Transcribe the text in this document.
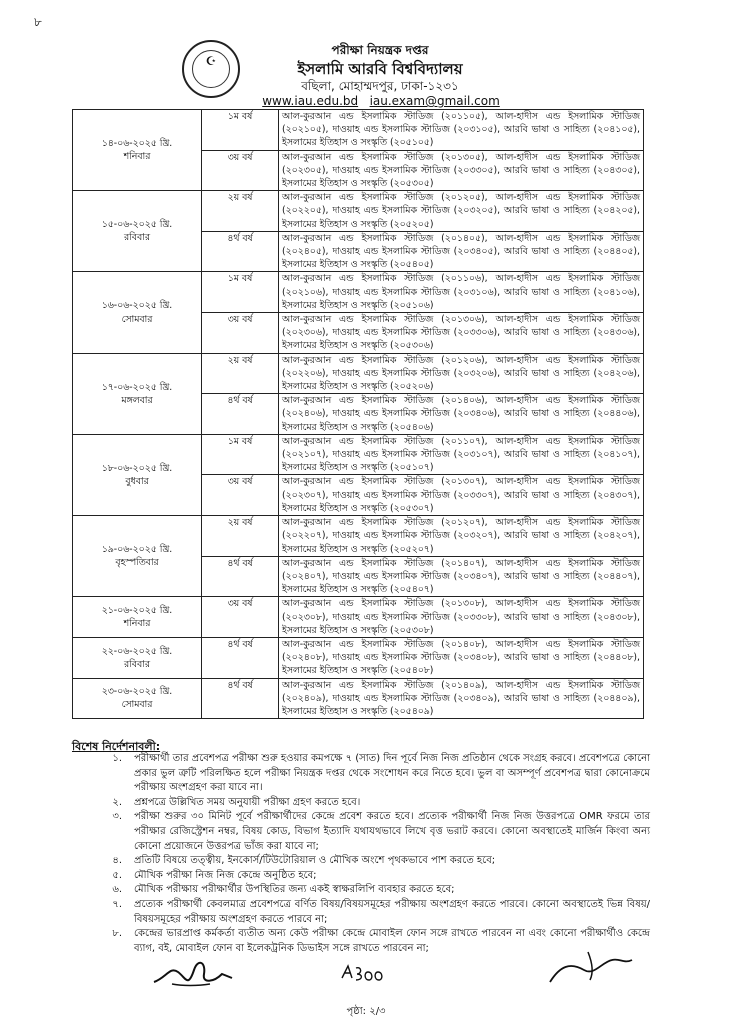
৮
☪
পরীক্ষা নিয়ন্ত্রক দপ্তর
ইসলামি আরবি বিশ্ববিদ্যালয়
বছিলা, মোহাম্মদপুর, ঢাকা-১২৩১
www.iau.edu.bd iau.exam@gmail.com
১৪-০৬-২০২৫ খ্রি.
শনিবার	১ম বর্ষ	আল-কুরআন এন্ড ইসলামিক স্টাডিজ (২০১১০৫), আল-হাদীস এন্ড ইসলামিক স্টাডিজ (২০২১০৫), দাওয়াহ এন্ড ইসলামিক স্টাডিজ (২০৩১০৫), আরবি ভাষা ও সাহিত্য (২০৪১০৫), ইসলামের ইতিহাস ও সংস্কৃতি (২০৫১০৫)
	৩য় বর্ষ	আল-কুরআন এন্ড ইসলামিক স্টাডিজ (২০১৩০৫), আল-হাদীস এন্ড ইসলামিক স্টাডিজ (২০২৩০৫), দাওয়াহ এন্ড ইসলামিক স্টাডিজ (২০৩৩০৫), আরবি ভাষা ও সাহিত্য (২০৪৩০৫), ইসলামের ইতিহাস ও সংস্কৃতি (২০৫৩০৫)

১৫-০৬-২০২৫ খ্রি.
রবিবার	২য় বর্ষ	আল-কুরআন এন্ড ইসলামিক স্টাডিজ (২০১২০৫), আল-হাদীস এন্ড ইসলামিক স্টাডিজ (২০২২০৫), দাওয়াহ এন্ড ইসলামিক স্টাডিজ (২০৩২০৫), আরবি ভাষা ও সাহিত্য (২০৪২০৫), ইসলামের ইতিহাস ও সংস্কৃতি (২০৫২০৫)
	৪র্থ বর্ষ	আল-কুরআন এন্ড ইসলামিক স্টাডিজ (২০১৪০৫), আল-হাদীস এন্ড ইসলামিক স্টাডিজ (২০২৪০৫), দাওয়াহ এন্ড ইসলামিক স্টাডিজ (২০৩৪০৫), আরবি ভাষা ও সাহিত্য (২০৪৪০৫), ইসলামের ইতিহাস ও সংস্কৃতি (২০৫৪০৫)

১৬-০৬-২০২৫ খ্রি.
সোমবার	১ম বর্ষ	আল-কুরআন এন্ড ইসলামিক স্টাডিজ (২০১১০৬), আল-হাদীস এন্ড ইসলামিক স্টাডিজ (২০২১০৬), দাওয়াহ এন্ড ইসলামিক স্টাডিজ (২০৩১০৬), আরবি ভাষা ও সাহিত্য (২০৪১০৬), ইসলামের ইতিহাস ও সংস্কৃতি (২০৫১০৬)
	৩য় বর্ষ	আল-কুরআন এন্ড ইসলামিক স্টাডিজ (২০১৩০৬), আল-হাদীস এন্ড ইসলামিক স্টাডিজ (২০২৩০৬), দাওয়াহ এন্ড ইসলামিক স্টাডিজ (২০৩৩০৬), আরবি ভাষা ও সাহিত্য (২০৪৩০৬), ইসলামের ইতিহাস ও সংস্কৃতি (২০৫৩০৬)

১৭-০৬-২০২৫ খ্রি.
মঙ্গলবার	২য় বর্ষ	আল-কুরআন এন্ড ইসলামিক স্টাডিজ (২০১২০৬), আল-হাদীস এন্ড ইসলামিক স্টাডিজ (২০২২০৬), দাওয়াহ এন্ড ইসলামিক স্টাডিজ (২০৩২০৬), আরবি ভাষা ও সাহিত্য (২০৪২০৬), ইসলামের ইতিহাস ও সংস্কৃতি (২০৫২০৬)
	৪র্থ বর্ষ	আল-কুরআন এন্ড ইসলামিক স্টাডিজ (২০১৪০৬), আল-হাদীস এন্ড ইসলামিক স্টাডিজ (২০২৪০৬), দাওয়াহ এন্ড ইসলামিক স্টাডিজ (২০৩৪০৬), আরবি ভাষা ও সাহিত্য (২০৪৪০৬), ইসলামের ইতিহাস ও সংস্কৃতি (২০৫৪০৬)

১৮-০৬-২০২৫ খ্রি.
বুধবার	১ম বর্ষ	আল-কুরআন এন্ড ইসলামিক স্টাডিজ (২০১১০৭), আল-হাদীস এন্ড ইসলামিক স্টাডিজ (২০২১০৭), দাওয়াহ এন্ড ইসলামিক স্টাডিজ (২০৩১০৭), আরবি ভাষা ও সাহিত্য (২০৪১০৭), ইসলামের ইতিহাস ও সংস্কৃতি (২০৫১০৭)
	৩য় বর্ষ	আল-কুরআন এন্ড ইসলামিক স্টাডিজ (২০১৩০৭), আল-হাদীস এন্ড ইসলামিক স্টাডিজ (২০২৩০৭), দাওয়াহ এন্ড ইসলামিক স্টাডিজ (২০৩৩০৭), আরবি ভাষা ও সাহিত্য (২০৪৩০৭), ইসলামের ইতিহাস ও সংস্কৃতি (২০৫৩০৭)

১৯-০৬-২০২৫ খ্রি.
বৃহস্পতিবার	২য় বর্ষ	আল-কুরআন এন্ড ইসলামিক স্টাডিজ (২০১২০৭), আল-হাদীস এন্ড ইসলামিক স্টাডিজ (২০২২০৭), দাওয়াহ এন্ড ইসলামিক স্টাডিজ (২০৩২০৭), আরবি ভাষা ও সাহিত্য (২০৪২০৭), ইসলামের ইতিহাস ও সংস্কৃতি (২০৫২০৭)
	৪র্থ বর্ষ	আল-কুরআন এন্ড ইসলামিক স্টাডিজ (২০১৪০৭), আল-হাদীস এন্ড ইসলামিক স্টাডিজ (২০২৪০৭), দাওয়াহ এন্ড ইসলামিক স্টাডিজ (২০৩৪০৭), আরবি ভাষা ও সাহিত্য (২০৪৪০৭), ইসলামের ইতিহাস ও সংস্কৃতি (২০৫৪০৭)

২১-০৬-২০২৫ খ্রি.
শনিবার	৩য় বর্ষ	আল-কুরআন এন্ড ইসলামিক স্টাডিজ (২০১৩০৮), আল-হাদীস এন্ড ইসলামিক স্টাডিজ (২০২৩০৮), দাওয়াহ এন্ড ইসলামিক স্টাডিজ (২০৩৩০৮), আরবি ভাষা ও সাহিত্য (২০৪৩০৮), ইসলামের ইতিহাস ও সংস্কৃতি (২০৫৩০৮)

২২-০৬-২০২৫ খ্রি.
রবিবার	৪র্থ বর্ষ	আল-কুরআন এন্ড ইসলামিক স্টাডিজ (২০১৪০৮), আল-হাদীস এন্ড ইসলামিক স্টাডিজ (২০২৪০৮), দাওয়াহ এন্ড ইসলামিক স্টাডিজ (২০৩৪০৮), আরবি ভাষা ও সাহিত্য (২০৪৪০৮), ইসলামের ইতিহাস ও সংস্কৃতি (২০৫৪০৮)

২৩-০৬-২০২৫ খ্রি.
সোমবার	৪র্থ বর্ষ	আল-কুরআন এন্ড ইসলামিক স্টাডিজ (২০১৪০৯), আল-হাদীস এন্ড ইসলামিক স্টাডিজ (২০২৪০৯), দাওয়াহ এন্ড ইসলামিক স্টাডিজ (২০৩৪০৯), আরবি ভাষা ও সাহিত্য (২০৪৪০৯), ইসলামের ইতিহাস ও সংস্কৃতি (২০৫৪০৯)
বিশেষ নির্দেশনাবলী:
১.	পরীক্ষার্থী তার প্রবেশপত্র পরীক্ষা শুরু হওয়ার কমপক্ষে ৭ (সাত) দিন পূর্বে নিজ নিজ প্রতিষ্ঠান থেকে সংগ্রহ করবে। প্রবেশপত্রে কোনো প্রকার ভুল ত্রুটি পরিলক্ষিত হলে পরীক্ষা নিয়ন্ত্রক দপ্তর থেকে সংশোধন করে নিতে হবে। ভুল বা অসম্পূর্ণ প্রবেশপত্র দ্বারা কোনোক্রমে পরীক্ষায় অংশগ্রহণ করা যাবে না।
২.	প্রশ্নপত্রে উল্লিখিত সময় অনুযায়ী পরীক্ষা গ্রহণ করতে হবে।
৩.	পরীক্ষা শুরুর ৩০ মিনিট পূর্বে পরীক্ষার্থীদের কেন্দ্রে প্রবেশ করতে হবে। প্রত্যেক পরীক্ষার্থী নিজ নিজ উত্তরপত্রে OMR ফরমে তার পরীক্ষার রেজিস্ট্রেশন নম্বর, বিষয় কোড, বিভাগ ইত্যাদি যথাযথভাবে লিখে বৃত্ত ভরাট করবে। কোনো অবস্থাতেই মার্জিন কিংবা অন্য কোনো প্রয়োজনে উত্তরপত্র ভাঁজ করা যাবে না;
৪.	প্রতিটি বিষয়ে তত্ত্বীয়, ইনকোর্স/টিউটোরিয়াল ও মৌখিক অংশে পৃথকভাবে পাশ করতে হবে;
৫.	মৌখিক পরীক্ষা নিজ নিজ কেন্দ্রে অনুষ্ঠিত হবে;
৬.	মৌখিক পরীক্ষায় পরীক্ষার্থীর উপস্থিতির জন্য একই স্বাক্ষরলিপি ব্যবহার করতে হবে;
৭.	প্রত্যেক পরীক্ষার্থী কেবলমাত্র প্রবেশপত্রে বর্ণিত বিষয়/বিষয়সমূহের পরীক্ষায় অংশগ্রহণ করতে পারবে। কোনো অবস্থাতেই ভিন্ন বিষয়/বিষয়সমূহের পরীক্ষায় অংশগ্রহণ করতে পারবে না;
৮.	কেন্দ্রের ভারপ্রাপ্ত কর্মকর্তা ব্যতীত অন্য কেউ পরীক্ষা কেন্দ্রে মোবাইল ফোন সঙ্গে রাখতে পারবেন না এবং কোনো পরীক্ষার্থীও কেন্দ্রে ব্যাগ, বই, মোবাইল ফোন বা ইলেকট্রনিক ডিভাইস সঙ্গে রাখতে পারবেন না;
পৃষ্ঠা: ২/৩
